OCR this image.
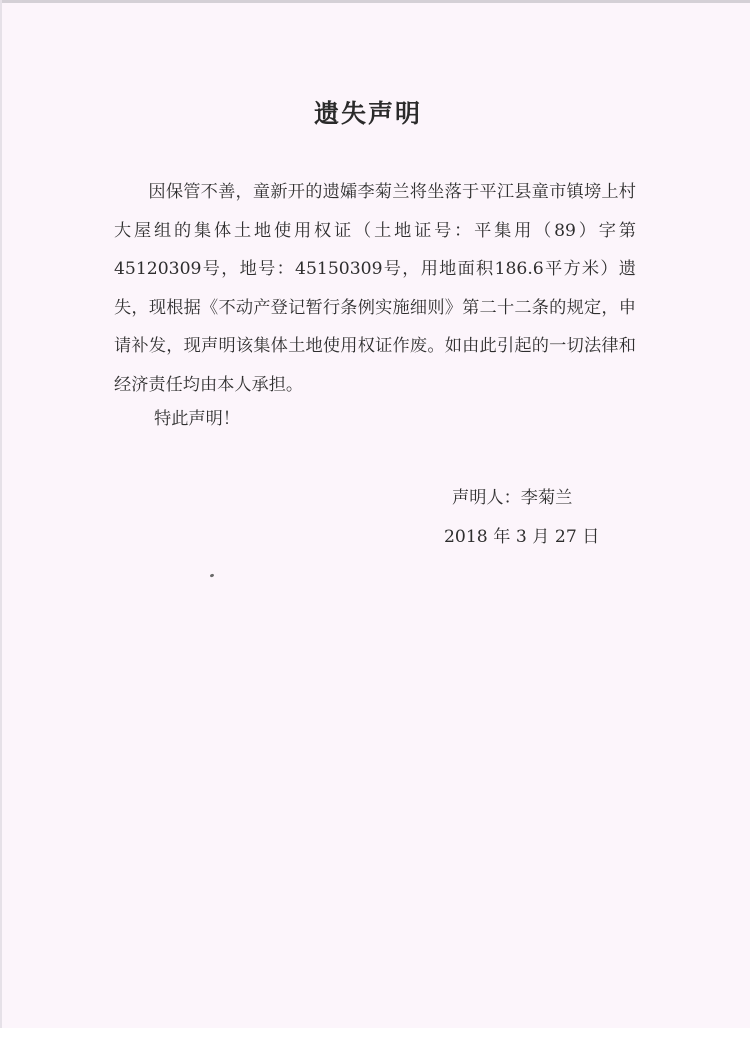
遗失声明
因保管不善，童新开的遗孀李菊兰将坐落于平江县童市镇塝上村大屋组的集体土地使用权证（土地证号：平集用（89）字第45120309号，地号：45150309号，用地面积186.6平方米）遗失，现根据《不动产登记暂行条例实施细则》第二十二条的规定，申请补发，现声明该集体土地使用权证作废。如由此引起的一切法律和经济责任均由本人承担。
特此声明！
声明人：李菊兰
2018 年 3 月 27 日
